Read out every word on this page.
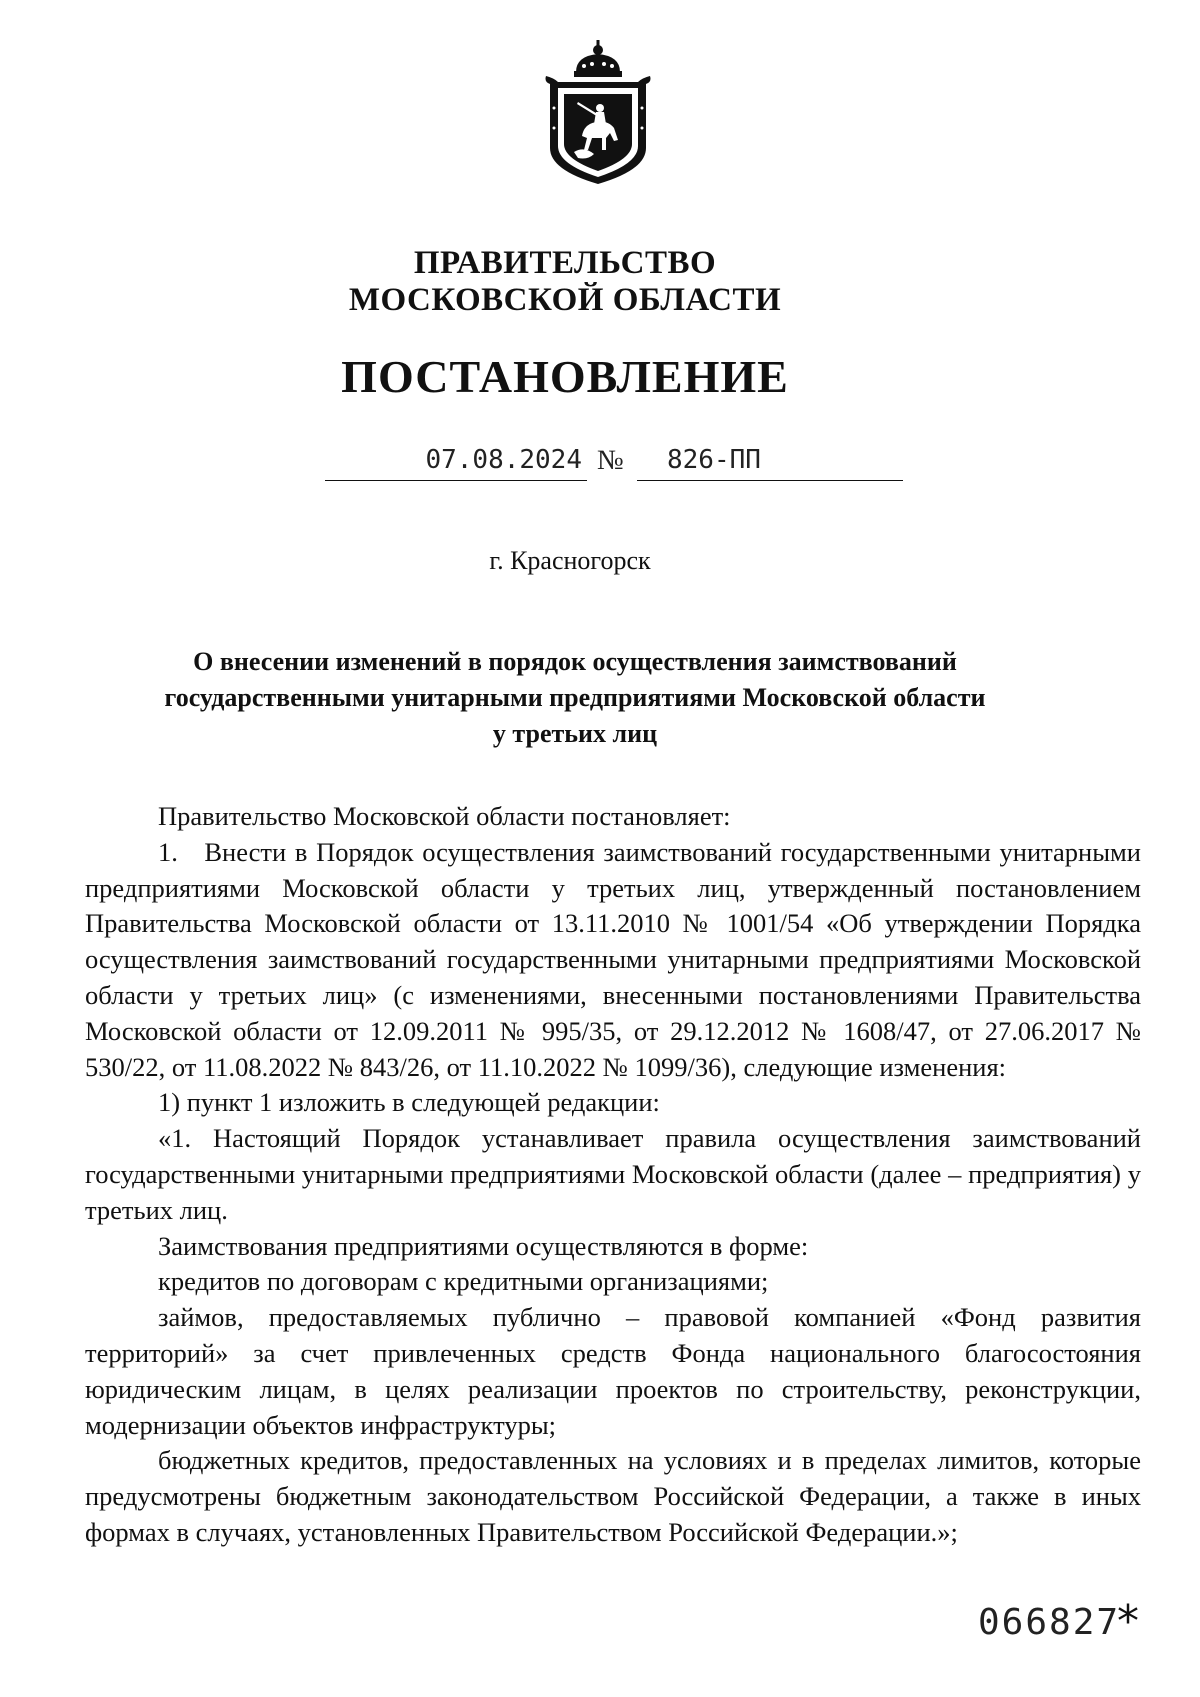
ПРАВИТЕЛЬСТВО
МОСКОВСКОЙ ОБЛАСТИ
ПОСТАНОВЛЕНИЕ
07.08.2024 №	826-ПП
г. Красногорск
О внесении изменений в порядок осуществления заимствований
государственными унитарными предприятиями Московской области
у третьих лиц

Правительство Московской области постановляет:

1. Внести в Порядок осуществления заимствований государственными унитарными предприятиями Московской области у третьих лиц, утвержденный постановлением Правительства Московской области от 13.11.2010 № 1001/54 «Об утверждении Порядка осуществления заимствований государственными унитарными предприятиями Московской области у третьих лиц» (с изменениями, внесенными постановлениями Правительства Московской области от 12.09.2011 № 995/35, от 29.12.2012 № 1608/47, от 27.06.2017 № 530/22, от 11.08.2022 № 843/26, от 11.10.2022 № 1099/36), следующие изменения:

1) пункт 1 изложить в следующей редакции:

«1. Настоящий Порядок устанавливает правила осуществления заимствований государственными унитарными предприятиями Московской области (далее – предприятия) у третьих лиц.

Заимствования предприятиями осуществляются в форме:

кредитов по договорам с кредитными организациями;

займов, предоставляемых публично – правовой компанией «Фонд развития территорий» за счет привлеченных средств Фонда национального благосостояния юридическим лицам, в целях реализации проектов по строительству, реконструкции, модернизации объектов инфраструктуры;

бюджетных кредитов, предоставленных на условиях и в пределах лимитов, которые предусмотрены бюджетным законодательством Российской Федерации, а также в иных формах в случаях, установленных Правительством Российской Федерации.»;

066827
*
